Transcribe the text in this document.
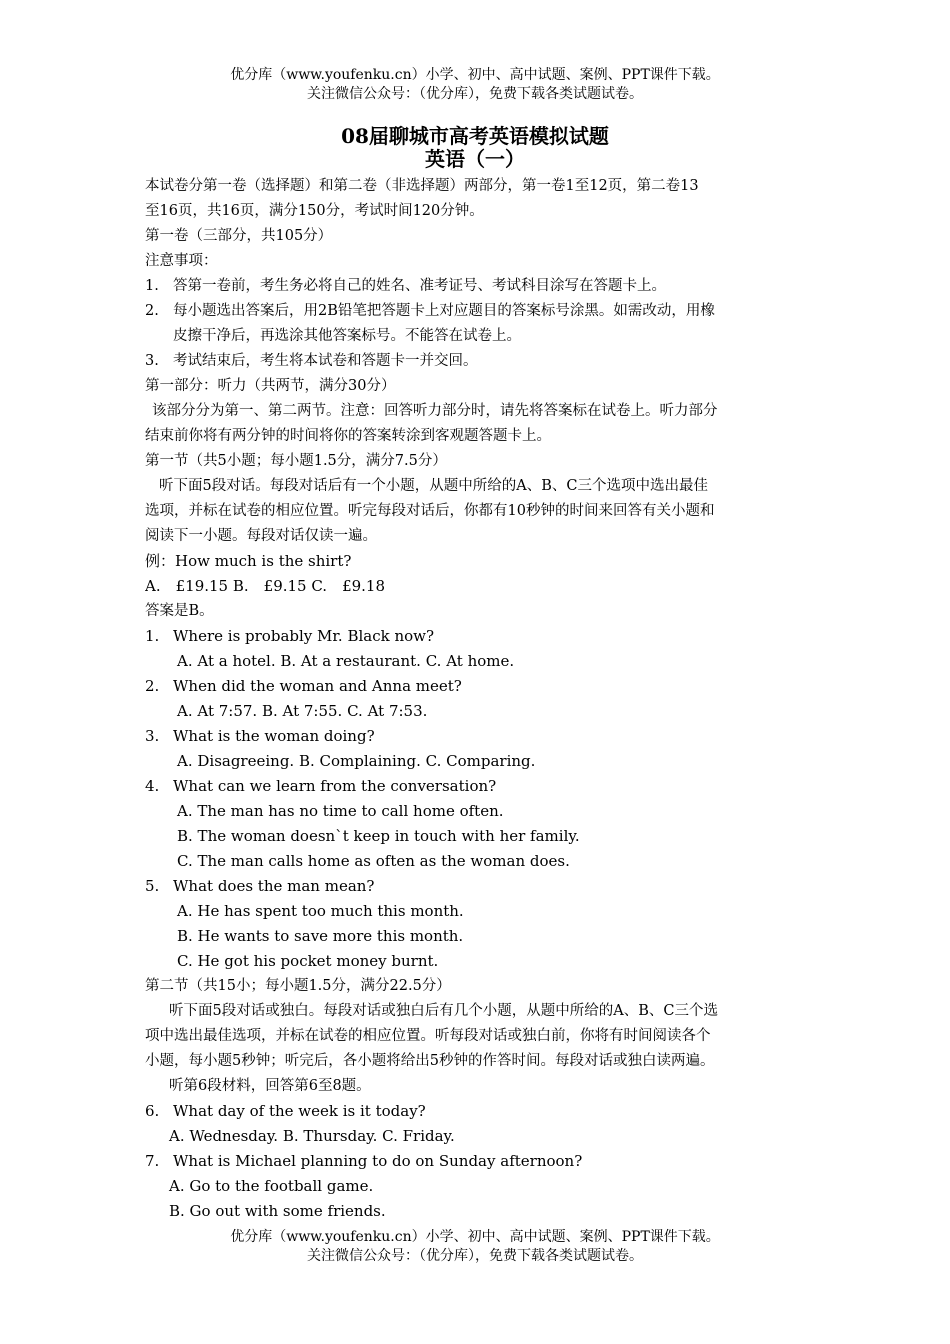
优分库（www.youfenku.cn）小学、初中、高中试题、案例、PPT课件下载。
关注微信公众号：（优分库），免费下载各类试题试卷。
08届聊城市高考英语模拟试题
英语（一）
本试卷分第一卷（选择题）和第二卷（非选择题）两部分，第一卷1至12页，第二卷13
至16页，共16页，满分150分，考试时间120分钟。
第一卷（三部分，共105分）
注意事项：
1. 答第一卷前，考生务必将自己的姓名、准考证号、考试科目涂写在答题卡上。
2. 每小题选出答案后，用2B铅笔把答题卡上对应题目的答案标号涂黑。如需改动，用橡
皮擦干净后，再选涂其他答案标号。不能答在试卷上。
3. 考试结束后，考生将本试卷和答题卡一并交回。
第一部分：听力（共两节，满分30分）
该部分分为第一、第二两节。注意：回答听力部分时，请先将答案标在试卷上。听力部分
结束前你将有两分钟的时间将你的答案转涂到客观题答题卡上。
第一节（共5小题；每小题1.5分，满分7.5分）
听下面5段对话。每段对话后有一个小题，从题中所给的A、B、C三个选项中选出最佳
选项，并标在试卷的相应位置。听完每段对话后，你都有10秒钟的时间来回答有关小题和
阅读下一小题。每段对话仅读一遍。
例：How much is the shirt?
A.　£19.15 B.　£9.15 C.　£9.18
答案是B。
1. Where is probably Mr. Black now?
A. At a hotel. B. At a restaurant. C. At home.
2. When did the woman and Anna meet?
A. At 7:57. B. At 7:55. C. At 7:53.
3. What is the woman doing?
A. Disagreeing. B. Complaining. C. Comparing.
4. What can we learn from the conversation?
A. The man has no time to call home often.
B. The woman doesn`t keep in touch with her family.
C. The man calls home as often as the woman does.
5. What does the man mean?
A. He has spent too much this month.
B. He wants to save more this month.
C. He got his pocket money burnt.
第二节（共15小；每小题1.5分，满分22.5分）
听下面5段对话或独白。每段对话或独白后有几个小题，从题中所给的A、B、C三个选
项中选出最佳选项，并标在试卷的相应位置。听每段对话或独白前，你将有时间阅读各个
小题，每小题5秒钟；听完后，各小题将给出5秒钟的作答时间。每段对话或独白读两遍。
听第6段材料，回答第6至8题。
6. What day of the week is it today?
A. Wednesday. B. Thursday. C. Friday.
7. What is Michael planning to do on Sunday afternoon?
A. Go to the football game.
B. Go out with some friends.
优分库（www.youfenku.cn）小学、初中、高中试题、案例、PPT课件下载。
关注微信公众号：（优分库），免费下载各类试题试卷。
